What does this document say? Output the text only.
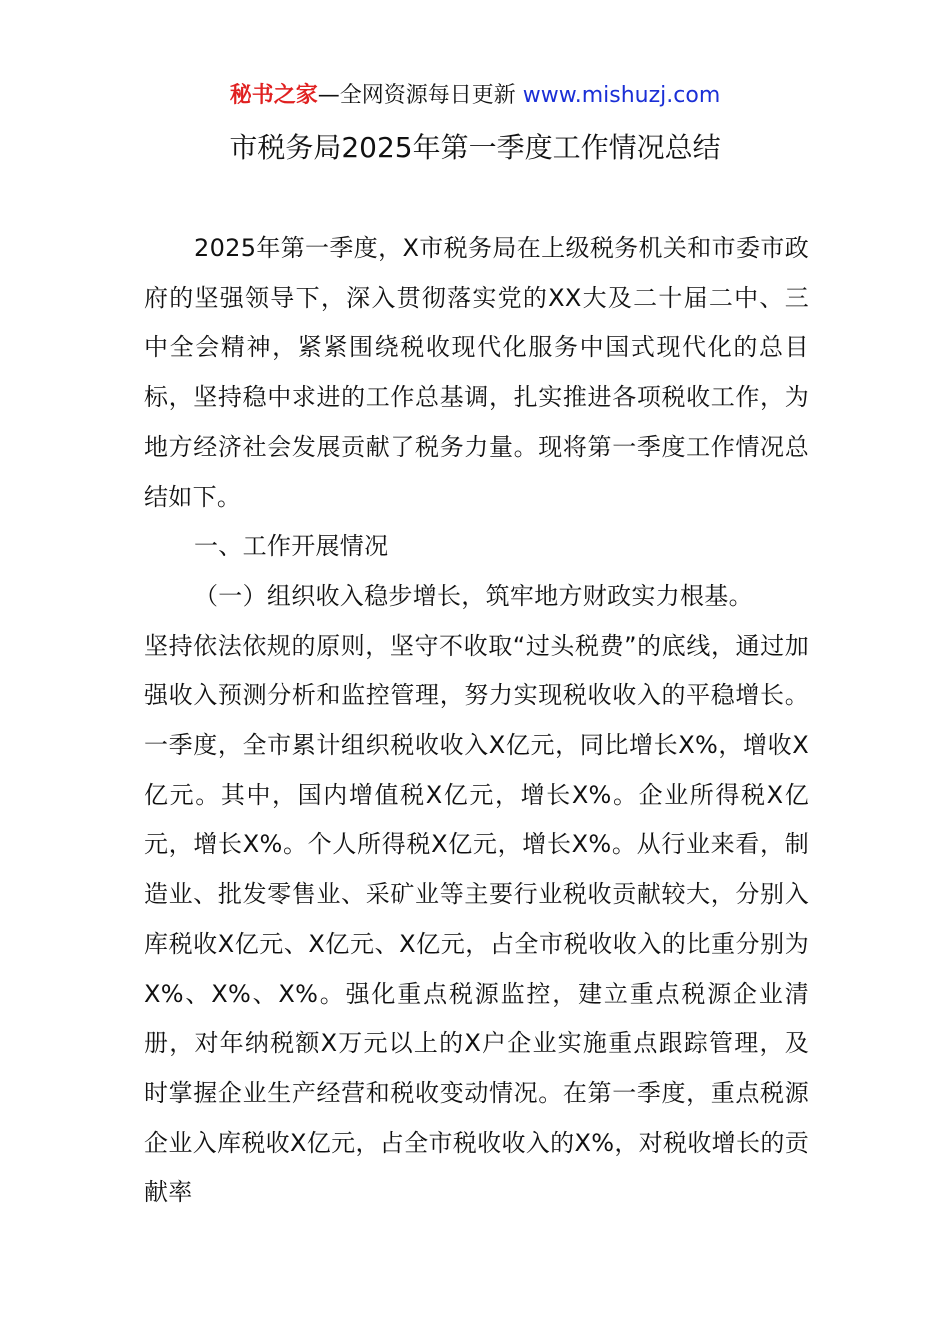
秘书之家—全网资源每日更新 www.mishuzj.com
市税务局2025年第一季度工作情况总结

2025年第一季度，X市税务局在上级税务机关和市委市政府的坚强领导下，深入贯彻落实党的XX大及二十届二中、三中全会精神，紧紧围绕税收现代化服务中国式现代化的总目标，坚持稳中求进的工作总基调，扎实推进各项税收工作，为地方经济社会发展贡献了税务力量。现将第一季度工作情况总结如下。

一、工作开展情况

（一）组织收入稳步增长，筑牢地方财政实力根基。

坚持依法依规的原则，坚守不收取“过头税费”的底线，通过加强收入预测分析和监控管理，努力实现税收收入的平稳增长。一季度，全市累计组织税收收入X亿元，同比增长X%，增收X亿元。其中，国内增值税X亿元，增长X%。企业所得税X亿元，增长X%。个人所得税X亿元，增长X%。从行业来看，制造业、批发零售业、采矿业等主要行业税收贡献较大，分别入库税收X亿元、X亿元、X亿元，占全市税收收入的比重分别为X%、X%、X%。强化重点税源监控，建立重点税源企业清册，对年纳税额X万元以上的X户企业实施重点跟踪管理，及时掌握企业生产经营和税收变动情况。在第一季度，重点税源企业入库税收X亿元，占全市税收收入的X%，对税收增长的贡献率
